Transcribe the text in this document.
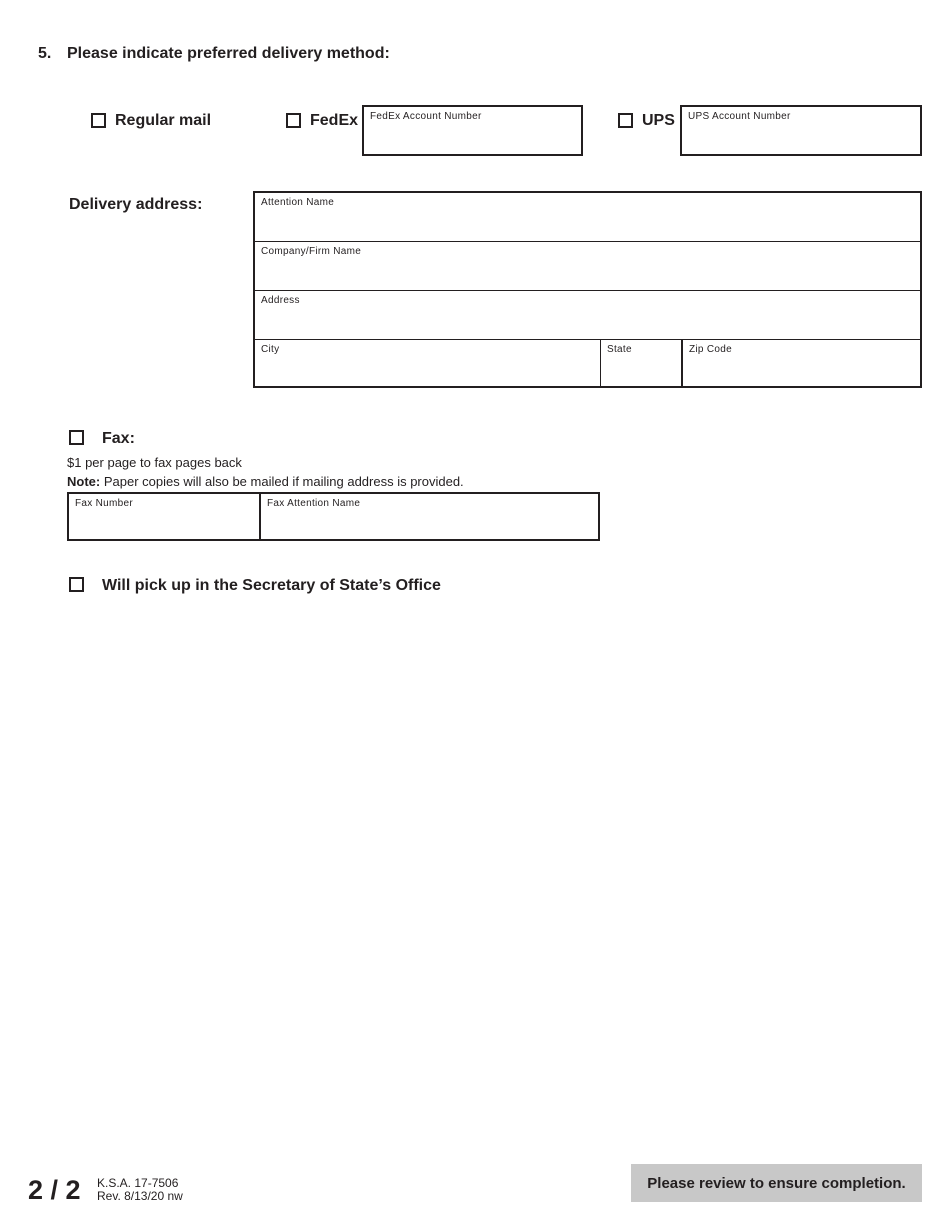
5. Please indicate preferred delivery method:
Regular mail	FedEx FedEx Account Number	UPS UPS Account Number
Delivery address:	Attention Name
Company/Firm Name
Address
City	State	Zip Code
Fax:
$1 per page to fax pages back
Note: Paper copies will also be mailed if mailing address is provided.
Fax Number	Fax Attention Name
Will pick up in the Secretary of State’s Office
2 / 2 K.S.A. 17-7506
Rev. 8/13/20 nw
Please review to ensure completion.
